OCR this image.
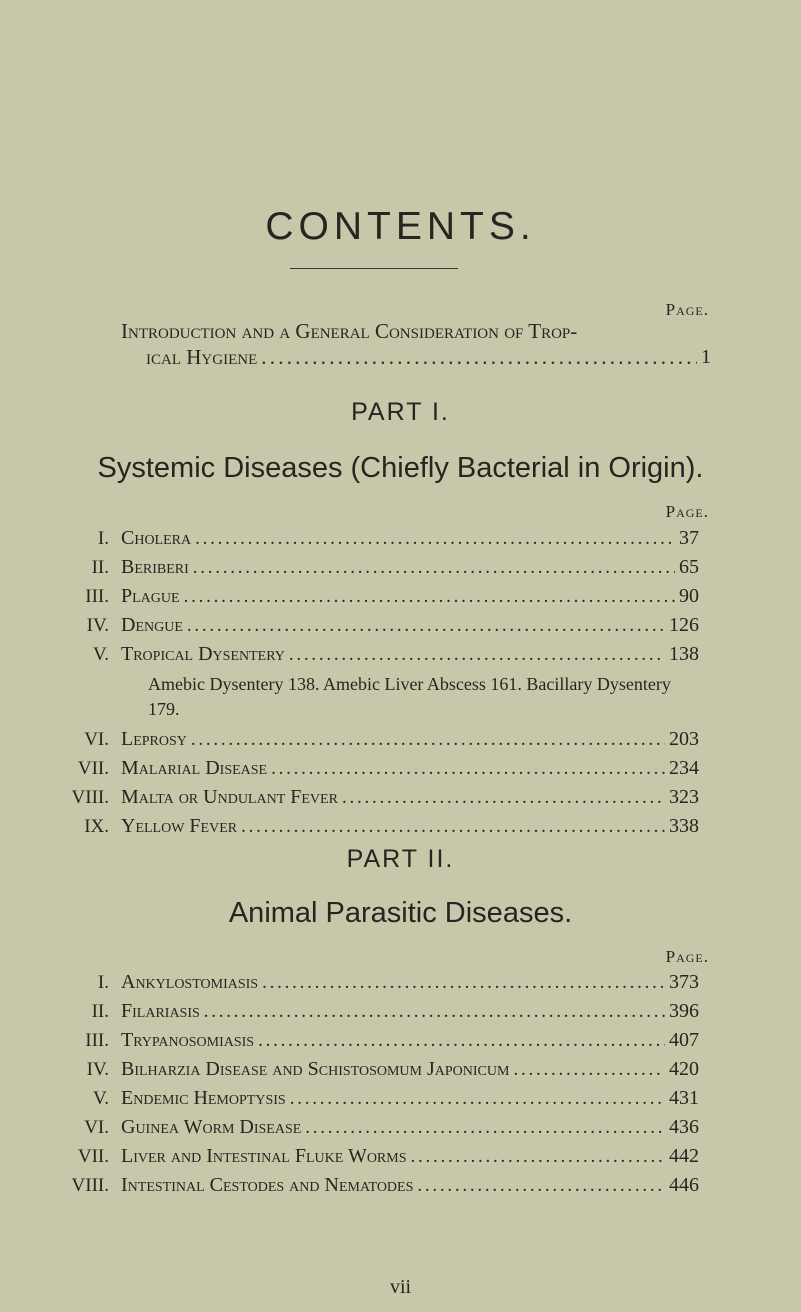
CONTENTS.
Page.
Introduction and a General Consideration of Trop-
ical Hygiene . . .	1
PART I.
Systemic Diseases (Chiefly Bacterial in Origin).
Page.
I. Cholera . . .	37
II. Beriberi . . .	65
III. Plague . . .	90
IV. Dengue . . .	126
V. Tropical Dysentery . . .	138
Amebic Dysentery 138. Amebic Liver Abscess 161. Bacillary Dysentery 179.
VI. Leprosy . . .	203
VII. Malarial Disease . . .	234
VIII. Malta or Undulant Fever . . .	323
IX. Yellow Fever . . .	338
PART II.
Animal Parasitic Diseases.
Page.
I. Ankylostomiasis . . .	373
II. Filariasis . . .	396
III. Trypanosomiasis . . .	407
IV. Bilharzia Disease and Schistosomum Japonicum . . .	420
V. Endemic Hemoptysis . . .	431
VI. Guinea Worm Disease . . .	436
VII. Liver and Intestinal Fluke Worms . . .	442
VIII. Intestinal Cestodes and Nematodes . . .	446
vii
